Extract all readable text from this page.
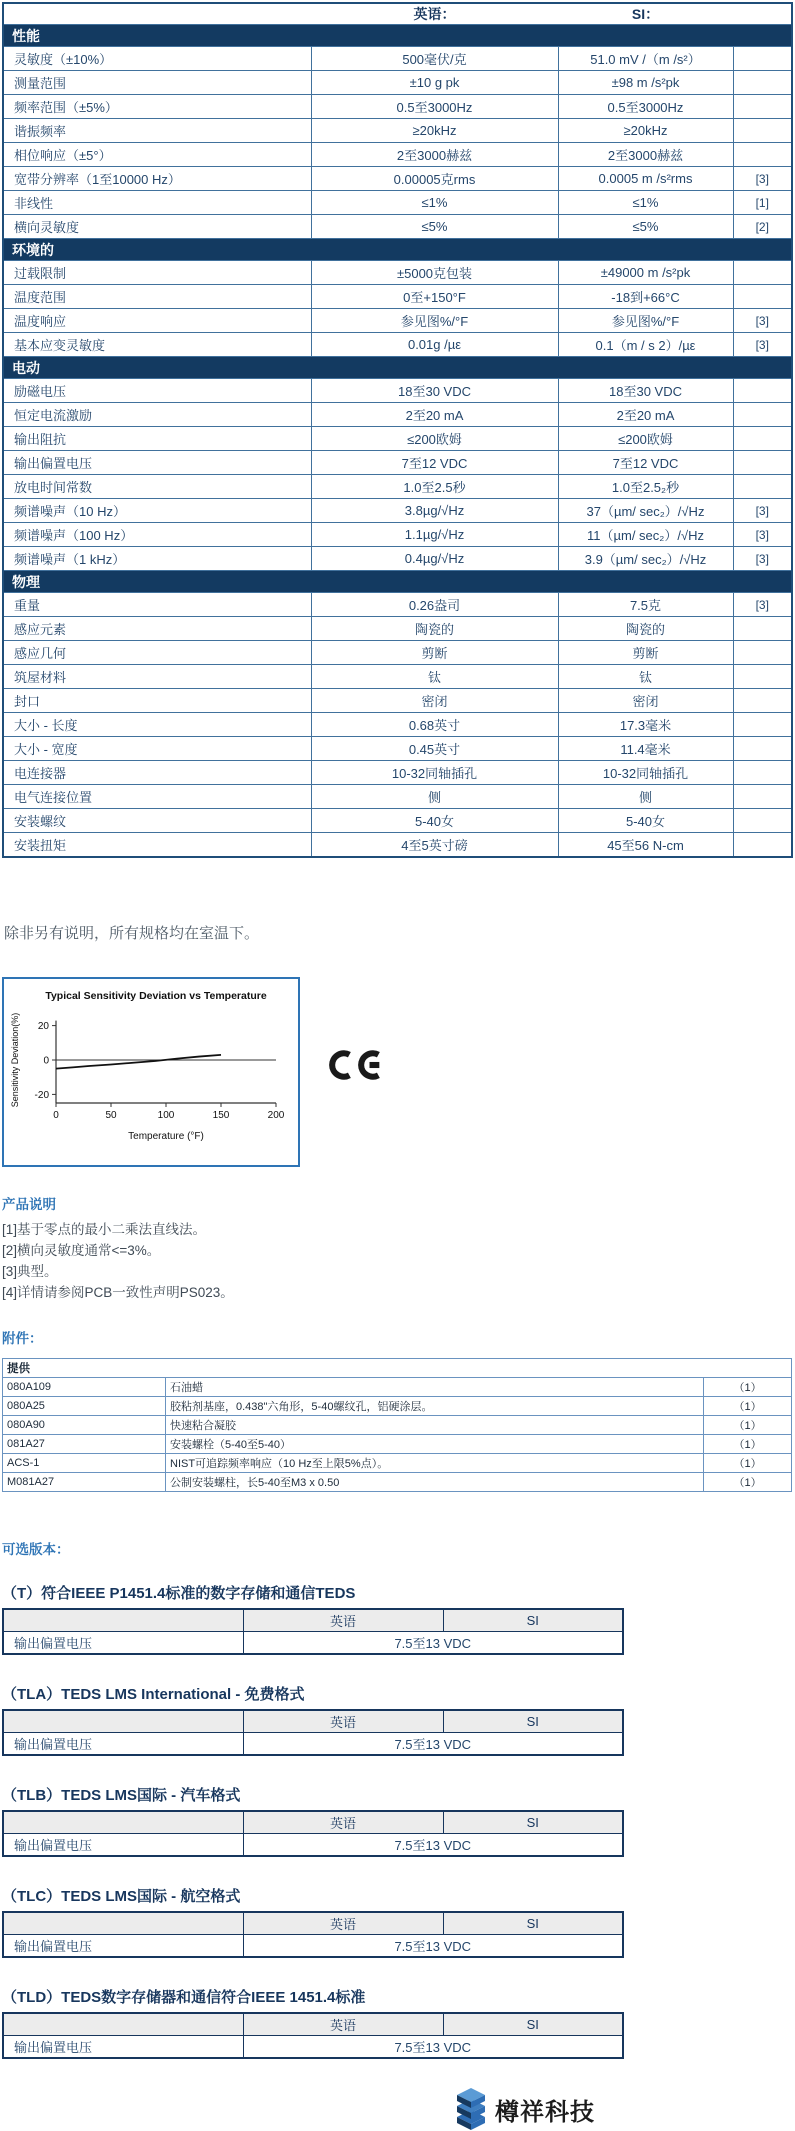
	英语：	SI：	
性能			
灵敏度（±10%）	500毫伏/克	51.0 mV /（m /s²）	
测量范围	±10 g pk	±98 m /s²pk	
频率范围（±5%）	0.5至3000Hz	0.5至3000Hz	
谐振频率	≥20kHz	≥20kHz	
相位响应（±5°）	2至3000赫兹	2至3000赫兹	
宽带分辨率（1至10000 Hz）	0.00005克rms	0.0005 m /s²rms	[3]
非线性	≤1%	≤1%	[1]
横向灵敏度	≤5%	≤5%	[2]
环境的			
过载限制	±5000克包装	±49000 m /s²pk	
温度范围	0至+150°F	-18到+66°C	
温度响应	参见图%/°F	参见图%/°F	[3]
基本应变灵敏度	0.01g /µε	0.1（m / s 2）/µε	[3]
电动			
励磁电压	18至30 VDC	18至30 VDC	
恒定电流激励	2至20 mA	2至20 mA	
输出阻抗	≤200欧姆	≤200欧姆	
输出偏置电压	7至12 VDC	7至12 VDC	
放电时间常数	1.0至2.5秒	1.0至2.5₂秒	
频谱噪声（10 Hz）	3.8µg/√Hz	37（µm/ sec₂）/√Hz	[3]
频谱噪声（100 Hz）	1.1µg/√Hz	11（µm/ sec₂）/√Hz	[3]
频谱噪声（1 kHz）	0.4µg/√Hz	3.9（µm/ sec₂）/√Hz	[3]
物理			
重量	0.26盎司	7.5克	[3]
感应元素	陶瓷的	陶瓷的	
感应几何	剪断	剪断	
筑屋材料	钛	钛	
封口	密闭	密闭	
大小 - 长度	0.68英寸	17.3毫米	
大小 - 宽度	0.45英寸	11.4毫米	
电连接器	10-32同轴插孔	10-32同轴插孔	
电气连接位置	侧	侧	
安装螺纹	5-40女	5-40女	
安装扭矩	4至5英寸磅	45至56 N-cm	
除非另有说明，所有规格均在室温下。
Typical Sensitivity Deviation vs Temperature
Temperature (°F)
Sensitivity Deviation(%) 20
0
-20
0	50	100	150	200
产品说明

[1]基于零点的最小二乘法直线法。

[2]横向灵敏度通常<=3%。

[3]典型。

[4]详情请参阅PCB一致性声明PS023。

附件：
提供		
080A109	石油蜡	（1）
080A25	胶粘剂基座，0.438"六角形，5-40螺纹孔，铝硬涂层。	（1）
080A90	快速粘合凝胶	（1）
081A27	安装螺栓（5-40至5-40）	（1）
ACS-1	NIST可追踪频率响应（10 Hz至上限5%点）。	（1）
M081A27	公制安装螺柱，长5-40至M3 x 0.50	（1）
可选版本：
（T）符合IEEE P1451.4标准的数字存储和通信TEDS
	英语	SI
输出偏置电压	7.5至13 VDC	
（TLA）TEDS LMS International - 免费格式
	英语	SI
输出偏置电压	7.5至13 VDC	
（TLB）TEDS LMS国际 - 汽车格式
	英语	SI
输出偏置电压	7.5至13 VDC	
（TLC）TEDS LMS国际 - 航空格式
	英语	SI
输出偏置电压	7.5至13 VDC	
（TLD）TEDS数字存储器和通信符合IEEE 1451.4标准
	英语	SI
输出偏置电压	7.5至13 VDC	
樽祥科技
